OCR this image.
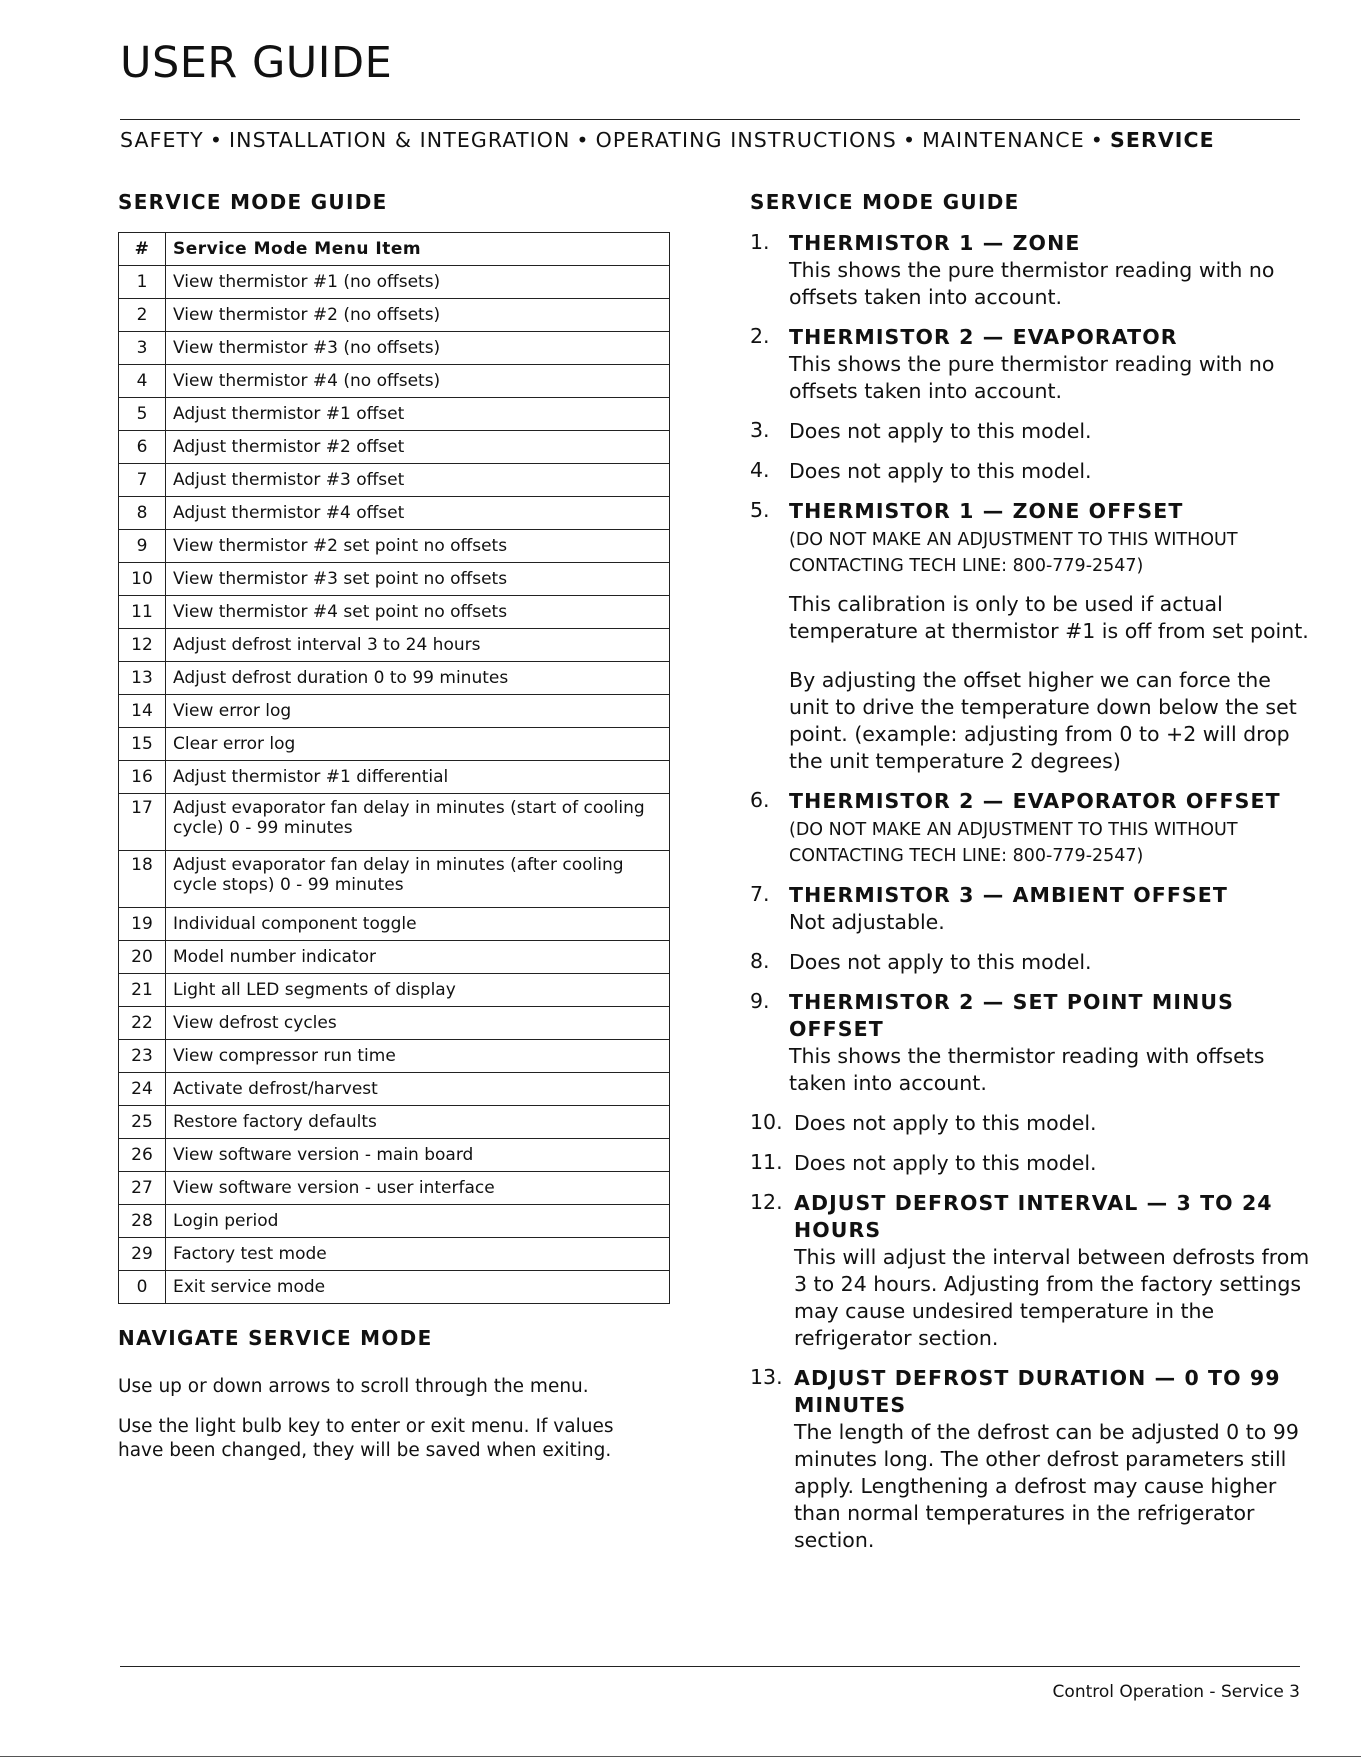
USER GUIDE
SAFETY • INSTALLATION & INTEGRATION • OPERATING INSTRUCTIONS • MAINTENANCE • SERVICE
SERVICE MODE GUIDE
#	Service Mode Menu Item
1	View thermistor #1 (no offsets)
2	View thermistor #2 (no offsets)
3	View thermistor #3 (no offsets)
4	View thermistor #4 (no offsets)
5	Adjust thermistor #1 offset
6	Adjust thermistor #2 offset
7	Adjust thermistor #3 offset
8	Adjust thermistor #4 offset
9	View thermistor #2 set point no offsets
10	View thermistor #3 set point no offsets
11	View thermistor #4 set point no offsets
12	Adjust defrost interval 3 to 24 hours
13	Adjust defrost duration 0 to 99 minutes
14	View error log
15	Clear error log
16	Adjust thermistor #1 differential
17	Adjust evaporator fan delay in minutes (start of cooling cycle) 0 - 99 minutes
18	Adjust evaporator fan delay in minutes (after cooling cycle stops) 0 - 99 minutes
19	Individual component toggle
20	Model number indicator
21	Light all LED segments of display
22	View defrost cycles
23	View compressor run time
24	Activate defrost/harvest
25	Restore factory defaults
26	View software version - main board
27	View software version - user interface
28	Login period
29	Factory test mode
0	Exit service mode
NAVIGATE SERVICE MODE

Use up or down arrows to scroll through the menu.

Use the light bulb key to enter or exit menu. If values have been changed, they will be saved when exiting.

SERVICE MODE GUIDE
1. THERMISTOR 1 — ZONE
This shows the pure thermistor reading with no offsets taken into account.
2. THERMISTOR 2 — EVAPORATOR
This shows the pure thermistor reading with no offsets taken into account.
3. Does not apply to this model.
4. Does not apply to this model.
5. THERMISTOR 1 — ZONE OFFSET
(DO NOT MAKE AN ADJUSTMENT TO THIS WITHOUT CONTACTING TECH LINE: 800-779-2547)
This calibration is only to be used if actual temperature at thermistor #1 is off from set point.
By adjusting the offset higher we can force the unit to drive the temperature down below the set point. (example: adjusting from 0 to +2 will drop the unit temperature 2 degrees)
6. THERMISTOR 2 — EVAPORATOR OFFSET
(DO NOT MAKE AN ADJUSTMENT TO THIS WITHOUT CONTACTING TECH LINE: 800-779-2547)
7. THERMISTOR 3 — AMBIENT OFFSET
Not adjustable.
8. Does not apply to this model.
9. THERMISTOR 2 — SET POINT MINUS OFFSET
This shows the thermistor reading with offsets taken into account.
10. Does not apply to this model.
11. Does not apply to this model.
12. ADJUST DEFROST INTERVAL — 3 TO 24 HOURS
This will adjust the interval between defrosts from 3 to 24 hours. Adjusting from the factory settings may cause undesired temperature in the refrigerator section.
13. ADJUST DEFROST DURATION — 0 TO 99 MINUTES
The length of the defrost can be adjusted 0 to 99 minutes long. The other defrost parameters still apply. Lengthening a defrost may cause higher than normal temperatures in the refrigerator section.
Control Operation - Service 3
